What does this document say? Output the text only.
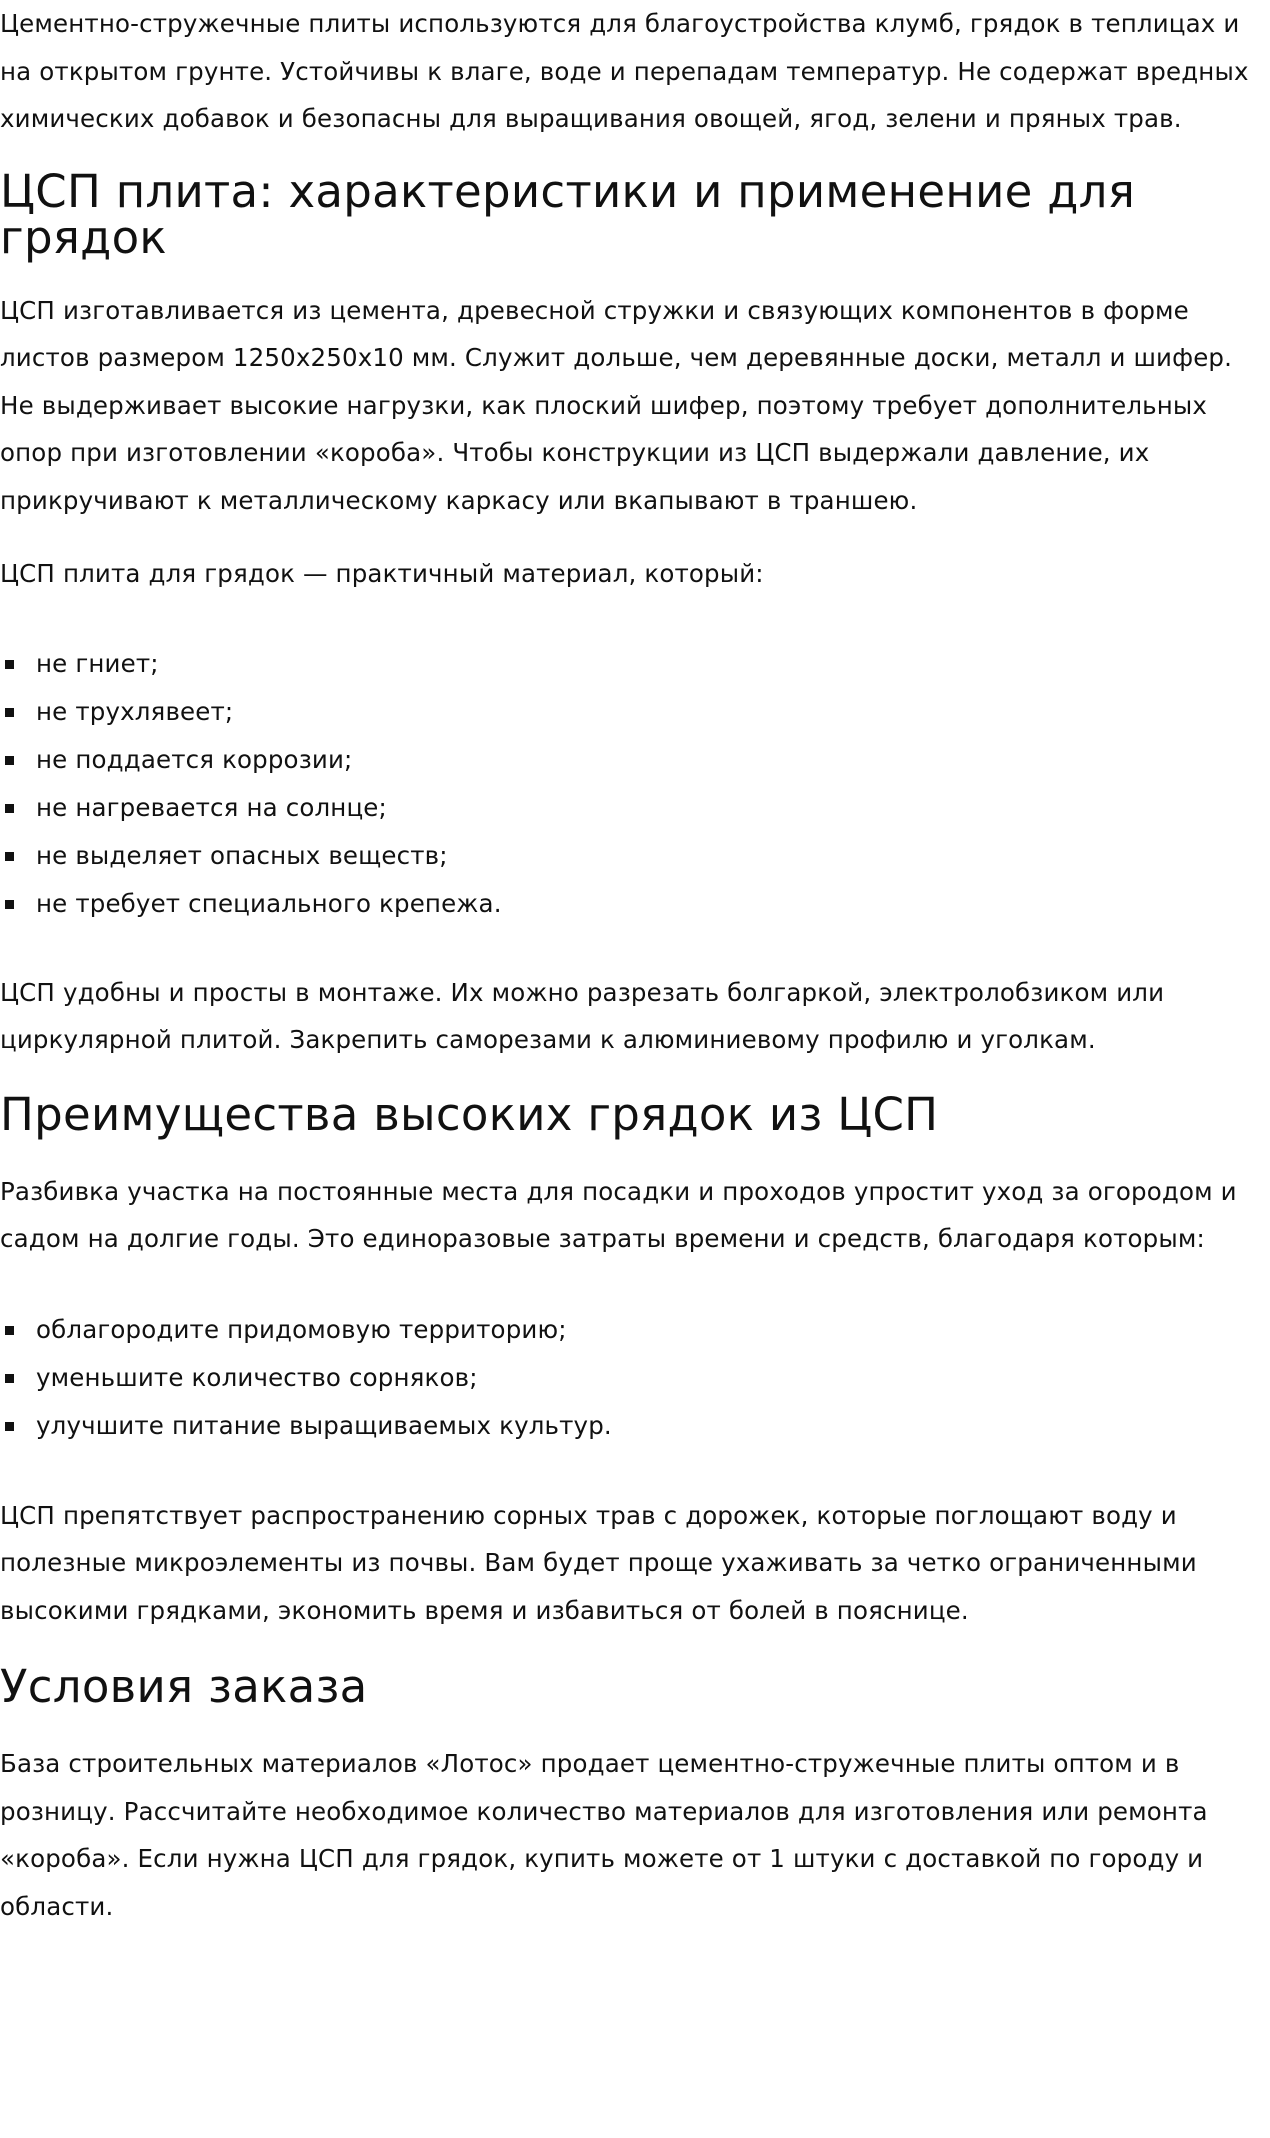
Цементно-стружечные плиты используются для благоустройства клумб, грядок в теплицах и на открытом грунте. Устойчивы к влаге, воде и перепадам температур. Не содержат вредных химических добавок и безопасны для выращивания овощей, ягод, зелени и пряных трав.

ЦСП плита: характеристики и применение для грядок

ЦСП изготавливается из цемента, древесной стружки и связующих компонентов в форме листов размером 1250х250х10 мм. Служит дольше, чем деревянные доски, металл и шифер. Не выдерживает высокие нагрузки, как плоский шифер, поэтому требует дополнительных опор при изготовлении «короба». Чтобы конструкции из ЦСП выдержали давление, их прикручивают к металлическому каркасу или вкапывают в траншею.

ЦСП плита для грядок — практичный материал, который:

не гниет;
не трухлявеет;
не поддается коррозии;
не нагревается на солнце;
не выделяет опасных веществ;
не требует специального крепежа.

ЦСП удобны и просты в монтаже. Их можно разрезать болгаркой, электролобзиком или циркулярной плитой. Закрепить саморезами к алюминиевому профилю и уголкам.

Преимущества высоких грядок из ЦСП

Разбивка участка на постоянные места для посадки и проходов упростит уход за огородом и садом на долгие годы. Это единоразовые затраты времени и средств, благодаря которым:

облагородите придомовую территорию;
уменьшите количество сорняков;
улучшите питание выращиваемых культур.

ЦСП препятствует распространению сорных трав с дорожек, которые поглощают воду и полезные микроэлементы из почвы. Вам будет проще ухаживать за четко ограниченными высокими грядками, экономить время и избавиться от болей в пояснице.

Условия заказа

База строительных материалов «Лотос» продает цементно-стружечные плиты оптом и в розницу. Рассчитайте необходимое количество материалов для изготовления или ремонта «короба». Если нужна ЦСП для грядок, купить можете от 1 штуки с доставкой по городу и области.
